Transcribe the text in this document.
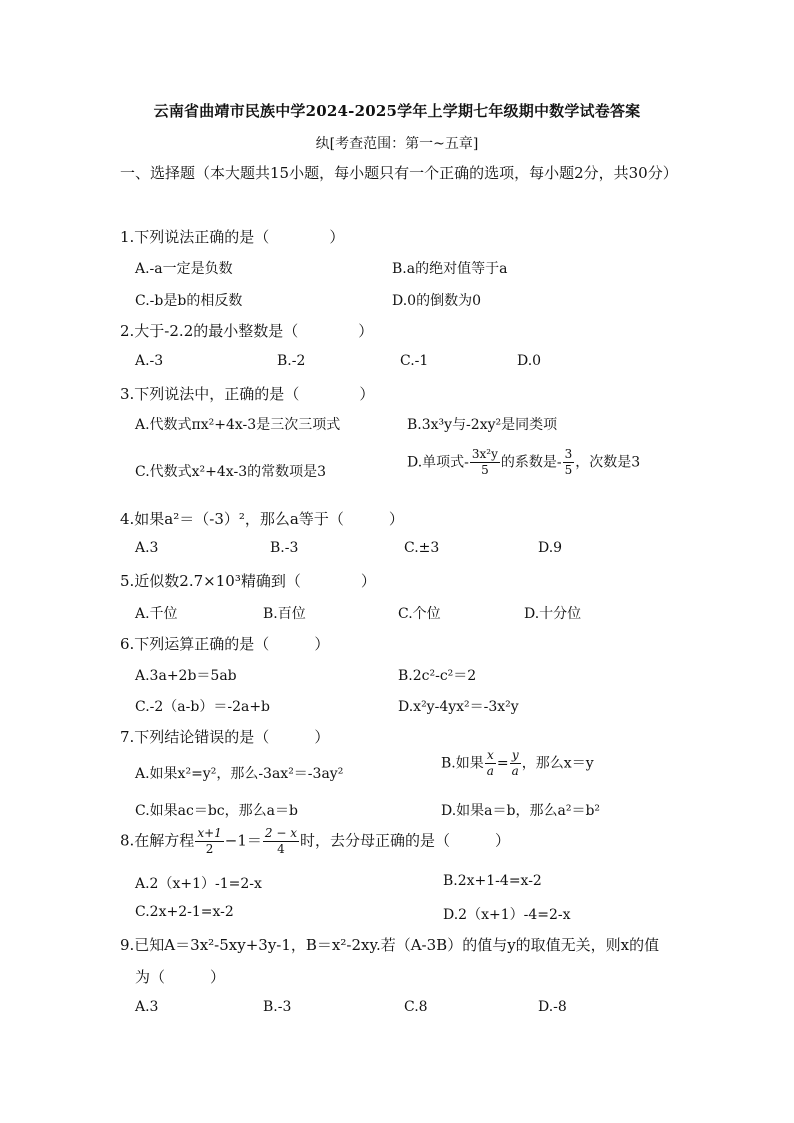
云南省曲靖市民族中学2024-2025学年上学期七年级期中数学试卷答案
纨[考查范围：第一~五章]
一、选择题（本大题共15小题，每小题只有一个正确的选项，每小题2分，共30分）
1.下列说法正确的是（　　　　）
A.-a一定是负数	B.a的绝对值等于a
C.-b是b的相反数	D.0的倒数为0
2.大于-2.2的最小整数是（　　　　）
A.-3	B.-2	C.-1	D.0
3.下列说法中，正确的是（　　　　）
A.代数式πx²+4x-3是三次三项式	B.3x³y与-2xy²是同类项
C.代数式x²+4x-3的常数项是3
D.单项式- $\frac{\text{3x²y}}{5}$ 的系数是- $\frac{3}{5}$ ，次数是3
4.如果a²＝（-3）²，那么a等于（　　　）
A.3	B.-3	C.±3	D.9
5.近似数2.7×10³精确到（　　　　）
A.千位	B.百位	C.个位	D.十分位
6.下列运算正确的是（　　　）
A.3a+2b＝5ab	B.2c²-c²＝2
C.-2（a-b）＝-2a+b	D.x²y-4yx²＝-3x²y
7.下列结论错误的是（　　　）
A.如果x²=y²，那么-3ax²＝-3ay²
B.如果 $\frac{x}{a} = \frac{y}{a}$ ，那么x＝y
C.如果ac＝bc，那么a＝b	D.如果a＝b，那么a²＝b²
8.在解方程 $\frac{x+1}{2} -1= \frac{2 - x}{4}$ 时，去分母正确的是（　　　）
A.2（x+1）-1=2-x	B.2x+1-4=x-2
C.2x+2-1=x-2	D.2（x+1）-4=2-x
9.已知A＝3x²-5xy+3y-1，B＝x²-2xy.若（A-3B）的值与y的取值无关，则x的值
为（　　　）
A.3	B.-3	C.8	D.-8
